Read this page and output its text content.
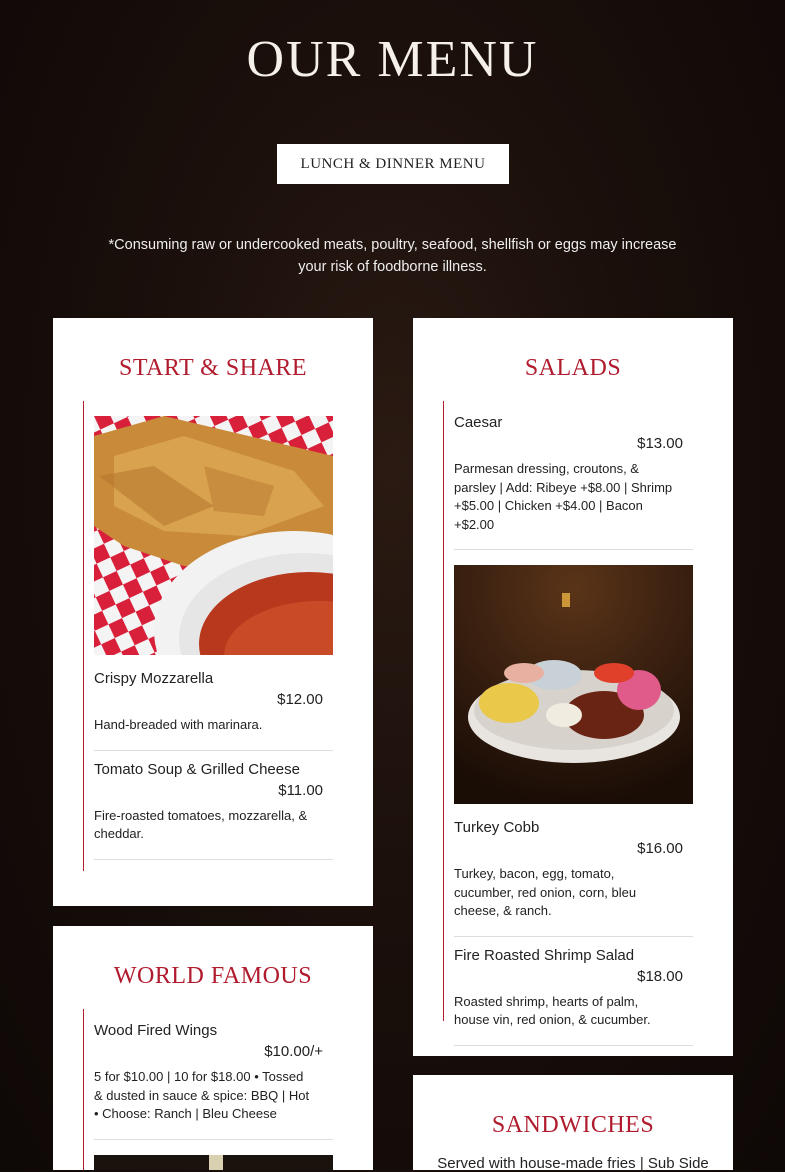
OUR MENU
LUNCH & DINNER MENU
*Consuming raw or undercooked meats, poultry, seafood, shellfish or eggs may increase your risk of foodborne illness.
START & SHARE
Crispy Mozzarella
$12.00
Hand-breaded with marinara.
Tomato Soup & Grilled Cheese
$11.00
Fire-roasted tomatoes, mozzarella, & cheddar.
SALADS
Caesar
$13.00
Parmesan dressing, croutons, & parsley | Add: Ribeye +$8.00 | Shrimp +$5.00 | Chicken +$4.00 | Bacon +$2.00
Turkey Cobb
$16.00
Turkey, bacon, egg, tomato, cucumber, red onion, corn, bleu cheese, & ranch.
Fire Roasted Shrimp Salad
$18.00
Roasted shrimp, hearts of palm, house vin, red onion, & cucumber.
WORLD FAMOUS
Wood Fired Wings
$10.00/+
5 for $10.00 | 10 for $18.00 • Tossed & dusted in sauce & spice: BBQ | Hot • Choose: Ranch | Bleu Cheese	SANDWICHES
Served with house-made fries | Sub Side
